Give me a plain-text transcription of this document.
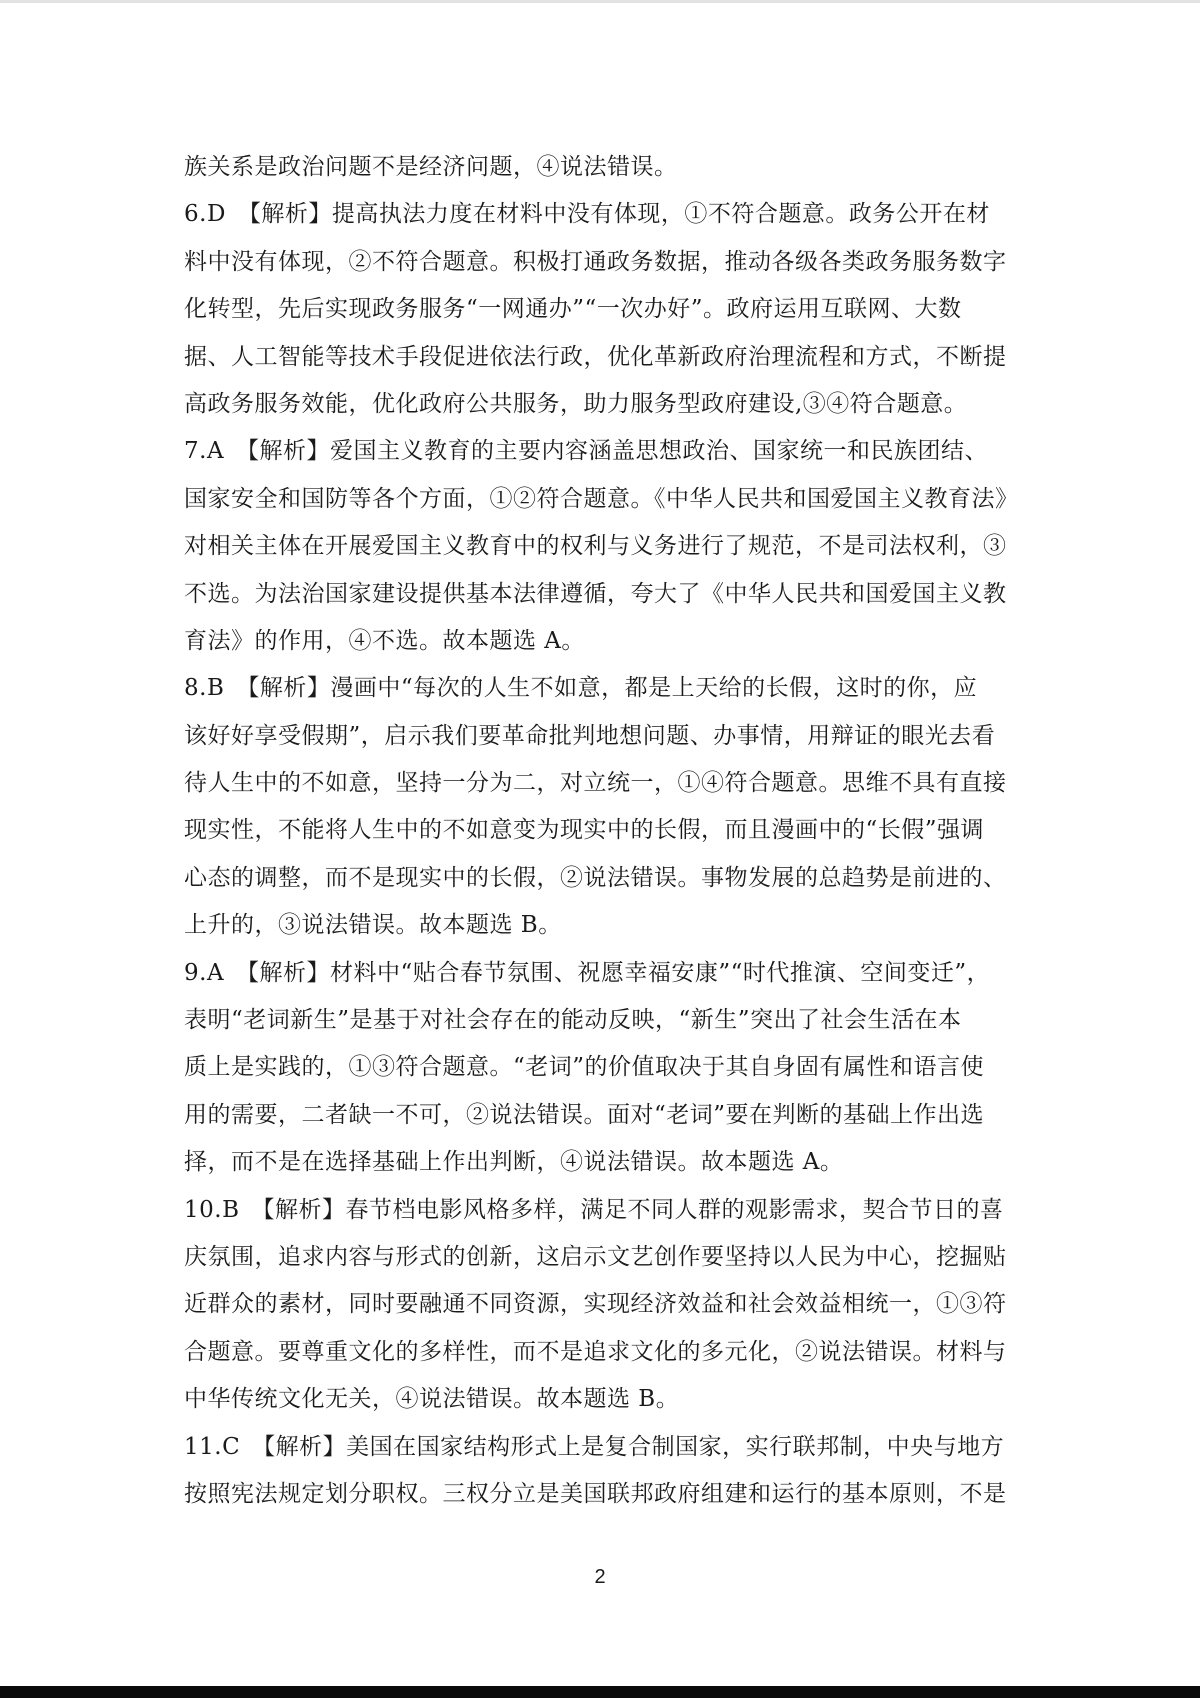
族关系是政治问题不是经济问题，④说法错误。
6.D　【解析】提高执法力度在材料中没有体现，①不符合题意。政务公开在材
料中没有体现，②不符合题意。积极打通政务数据，推动各级各类政务服务数字
化转型，先后实现政务服务“一网通办”“一次办好”。政府运用互联网、大数
据、人工智能等技术手段促进依法行政，优化革新政府治理流程和方式，不断提
高政务服务效能，优化政府公共服务，助力服务型政府建设,③④符合题意。
7.A　【解析】爱国主义教育的主要内容涵盖思想政治、国家统一和民族团结、
国家安全和国防等各个方面，①②符合题意。《中华人民共和国爱国主义教育法》
对相关主体在开展爱国主义教育中的权利与义务进行了规范，不是司法权利，③
不选。为法治国家建设提供基本法律遵循，夸大了《中华人民共和国爱国主义教
育法》的作用，④不选。故本题选 A。
8.B　【解析】漫画中“每次的人生不如意，都是上天给的长假，这时的你，应
该好好享受假期”，启示我们要革命批判地想问题、办事情，用辩证的眼光去看
待人生中的不如意，坚持一分为二，对立统一，①④符合题意。思维不具有直接
现实性，不能将人生中的不如意变为现实中的长假，而且漫画中的“长假”强调
心态的调整，而不是现实中的长假，②说法错误。事物发展的总趋势是前进的、
上升的，③说法错误。故本题选 B。
9.A　【解析】材料中“贴合春节氛围、祝愿幸福安康”“时代推演、空间变迁”，
表明“老词新生”是基于对社会存在的能动反映，“新生”突出了社会生活在本
质上是实践的，①③符合题意。“老词”的价值取决于其自身固有属性和语言使
用的需要，二者缺一不可，②说法错误。面对“老词”要在判断的基础上作出选
择，而不是在选择基础上作出判断，④说法错误。故本题选 A。
10.B　【解析】春节档电影风格多样，满足不同人群的观影需求，契合节日的喜
庆氛围，追求内容与形式的创新，这启示文艺创作要坚持以人民为中心，挖掘贴
近群众的素材，同时要融通不同资源，实现经济效益和社会效益相统一，①③符
合题意。要尊重文化的多样性，而不是追求文化的多元化，②说法错误。材料与
中华传统文化无关，④说法错误。故本题选 B。
11.C　【解析】美国在国家结构形式上是复合制国家，实行联邦制，中央与地方
按照宪法规定划分职权。三权分立是美国联邦政府组建和运行的基本原则，不是
2
